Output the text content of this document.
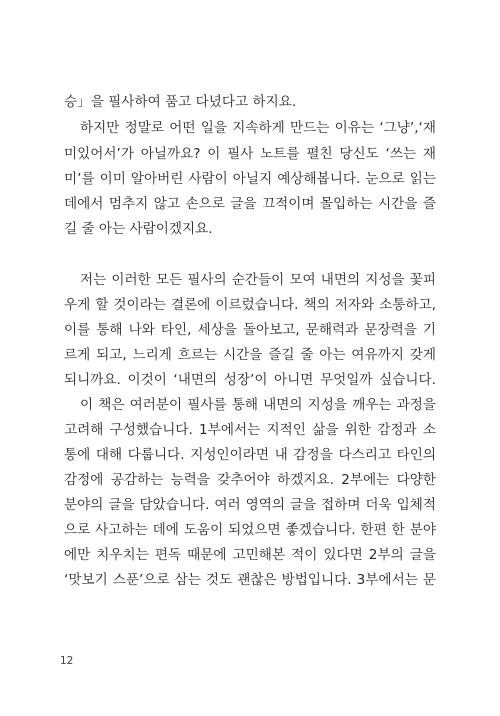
승」을 필사하여 품고 다녔다고 하지요.
하지만 정말로 어떤 일을 지속하게 만드는 이유는 ‘그냥’,‘재
미있어서’가 아닐까요? 이 필사 노트를 펼친 당신도 ‘쓰는 재
미’를 이미 알아버린 사람이 아닐지 예상해봅니다. 눈으로 읽는
데에서 멈추지 않고 손으로 글을 끄적이며 몰입하는 시간을 즐
길 줄 아는 사람이겠지요.
저는 이러한 모든 필사의 순간들이 모여 내면의 지성을 꽃피
우게 할 것이라는 결론에 이르렀습니다. 책의 저자와 소통하고,
이를 통해 나와 타인, 세상을 돌아보고, 문해력과 문장력을 기
르게 되고, 느리게 흐르는 시간을 즐길 줄 아는 여유까지 갖게
되니까요. 이것이 ‘내면의 성장’이 아니면 무엇일까 싶습니다.
이 책은 여러분이 필사를 통해 내면의 지성을 깨우는 과정을
고려해 구성했습니다. 1부에서는 지적인 삶을 위한 감정과 소
통에 대해 다룹니다. 지성인이라면 내 감정을 다스리고 타인의
감정에 공감하는 능력을 갖추어야 하겠지요. 2부에는 다양한
분야의 글을 담았습니다. 여러 영역의 글을 접하며 더욱 입체적
으로 사고하는 데에 도움이 되었으면 좋겠습니다. 한편 한 분야
에만 치우치는 편독 때문에 고민해본 적이 있다면 2부의 글을
‘맛보기 스푼’으로 삼는 것도 괜찮은 방법입니다. 3부에서는 문
12
